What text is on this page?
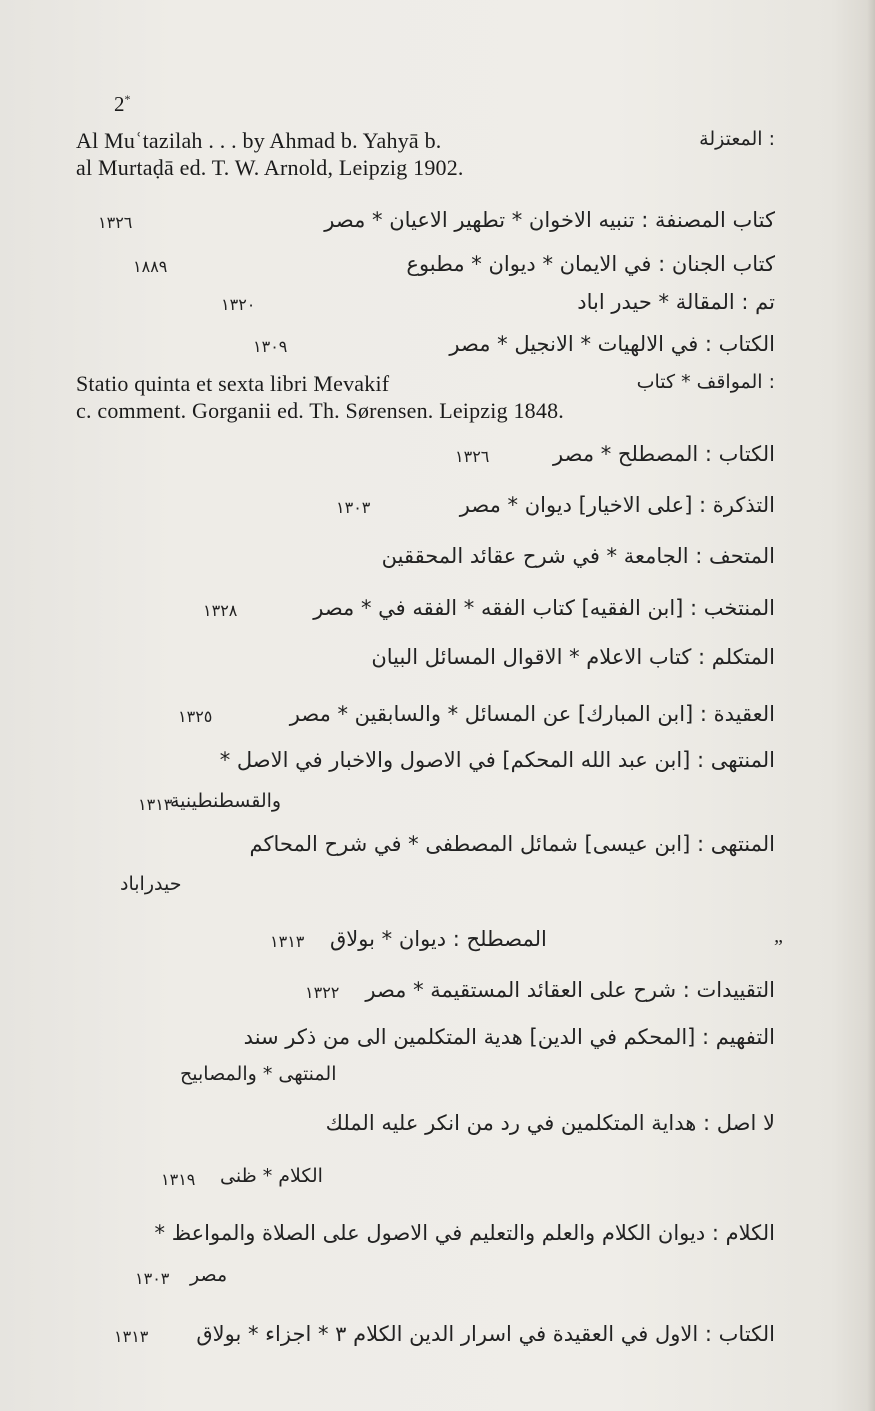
2*
Al Muʿtazilah . . . by Ahmad b. Yahyā b.	: المعتزلة
al Murtaḍā ed. T. W. Arnold, Leipzig 1902.
١٣٢٦	كتاب المصنفة : تنبيه الاخوان * تطهير الاعيان * مصر
١٨٨٩	كتاب الجنان : في الايمان * ديوان * مطبوع
١٣٢٠	تم : المقالة * حيدر اباد
١٣٠٩	الكتاب : في الالهيات * الانجيل * مصر
Statio quinta et sexta libri Mevakif	: المواقف * كتاب
c. comment. Gorganii ed. Th. Sørensen. Leipzig 1848.
١٣٢٦	الكتاب : المصطلح * مصر
١٣٠٣	التذكرة : [على الاخيار] ديوان * مصر
المتحف : الجامعة * في شرح عقائد المحققين
١٣٢٨	المنتخب : [ابن الفقيه] كتاب الفقه * الفقه في * مصر
المتكلم : كتاب الاعلام * الاقوال المسائل البيان
١٣٢٥	العقيدة : [ابن المبارك] عن المسائل * والسابقين * مصر
المنتهى : [ابن عبد الله المحكم] في الاصول والاخبار في الاصل *
١٣١٣
والقسطنطينية
المنتهى : [ابن عيسى] شمائل المصطفى * في شرح المحاكم
حيدراباد
١٣١٣ المصطلح : ديوان * بولاق	„
١٣٢٢ التقييدات : شرح على العقائد المستقيمة * مصر
التفهيم : [المحكم في الدين] هدية المتكلمين الى من ذكر سند
المنتهى * والمصابيح
لا اصل : هداية المتكلمين في رد من انكر عليه الملك
١٣١٩ الكلام * ظنى
الكلام : ديوان الكلام والعلم والتعليم في الاصول على الصلاة والمواعظ *
١٣٠٣ مصر
١٣١٣ الكتاب : الاول في العقيدة في اسرار الدين الكلام ٣ * اجزاء * بولاق
